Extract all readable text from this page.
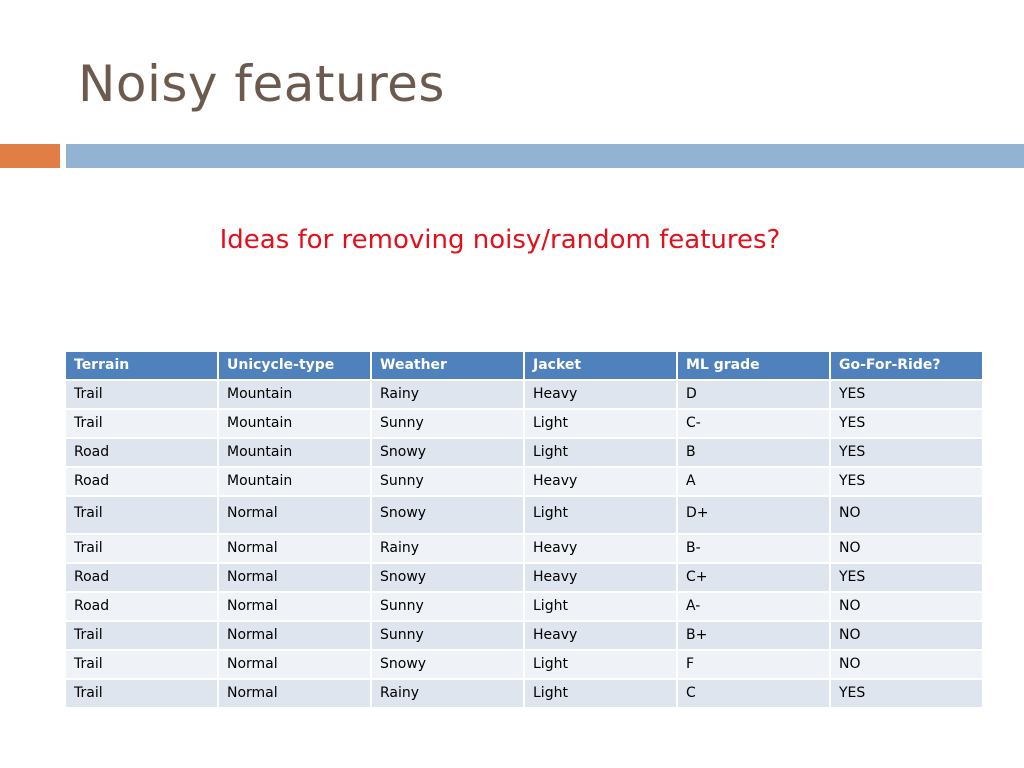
Noisy features
Ideas for removing noisy/random features?
Terrain	Unicycle-type	Weather	Jacket	ML grade	Go-For-Ride?
Trail	Mountain	Rainy	Heavy	D	YES
Trail	Mountain	Sunny	Light	C-	YES
Road	Mountain	Snowy	Light	B	YES
Road	Mountain	Sunny	Heavy	A	YES
Trail	Normal	Snowy	Light	D+	NO
Trail	Normal	Rainy	Heavy	B-	NO
Road	Normal	Snowy	Heavy	C+	YES
Road	Normal	Sunny	Light	A-	NO
Trail	Normal	Sunny	Heavy	B+	NO
Trail	Normal	Snowy	Light	F	NO
Trail	Normal	Rainy	Light	C	YES
